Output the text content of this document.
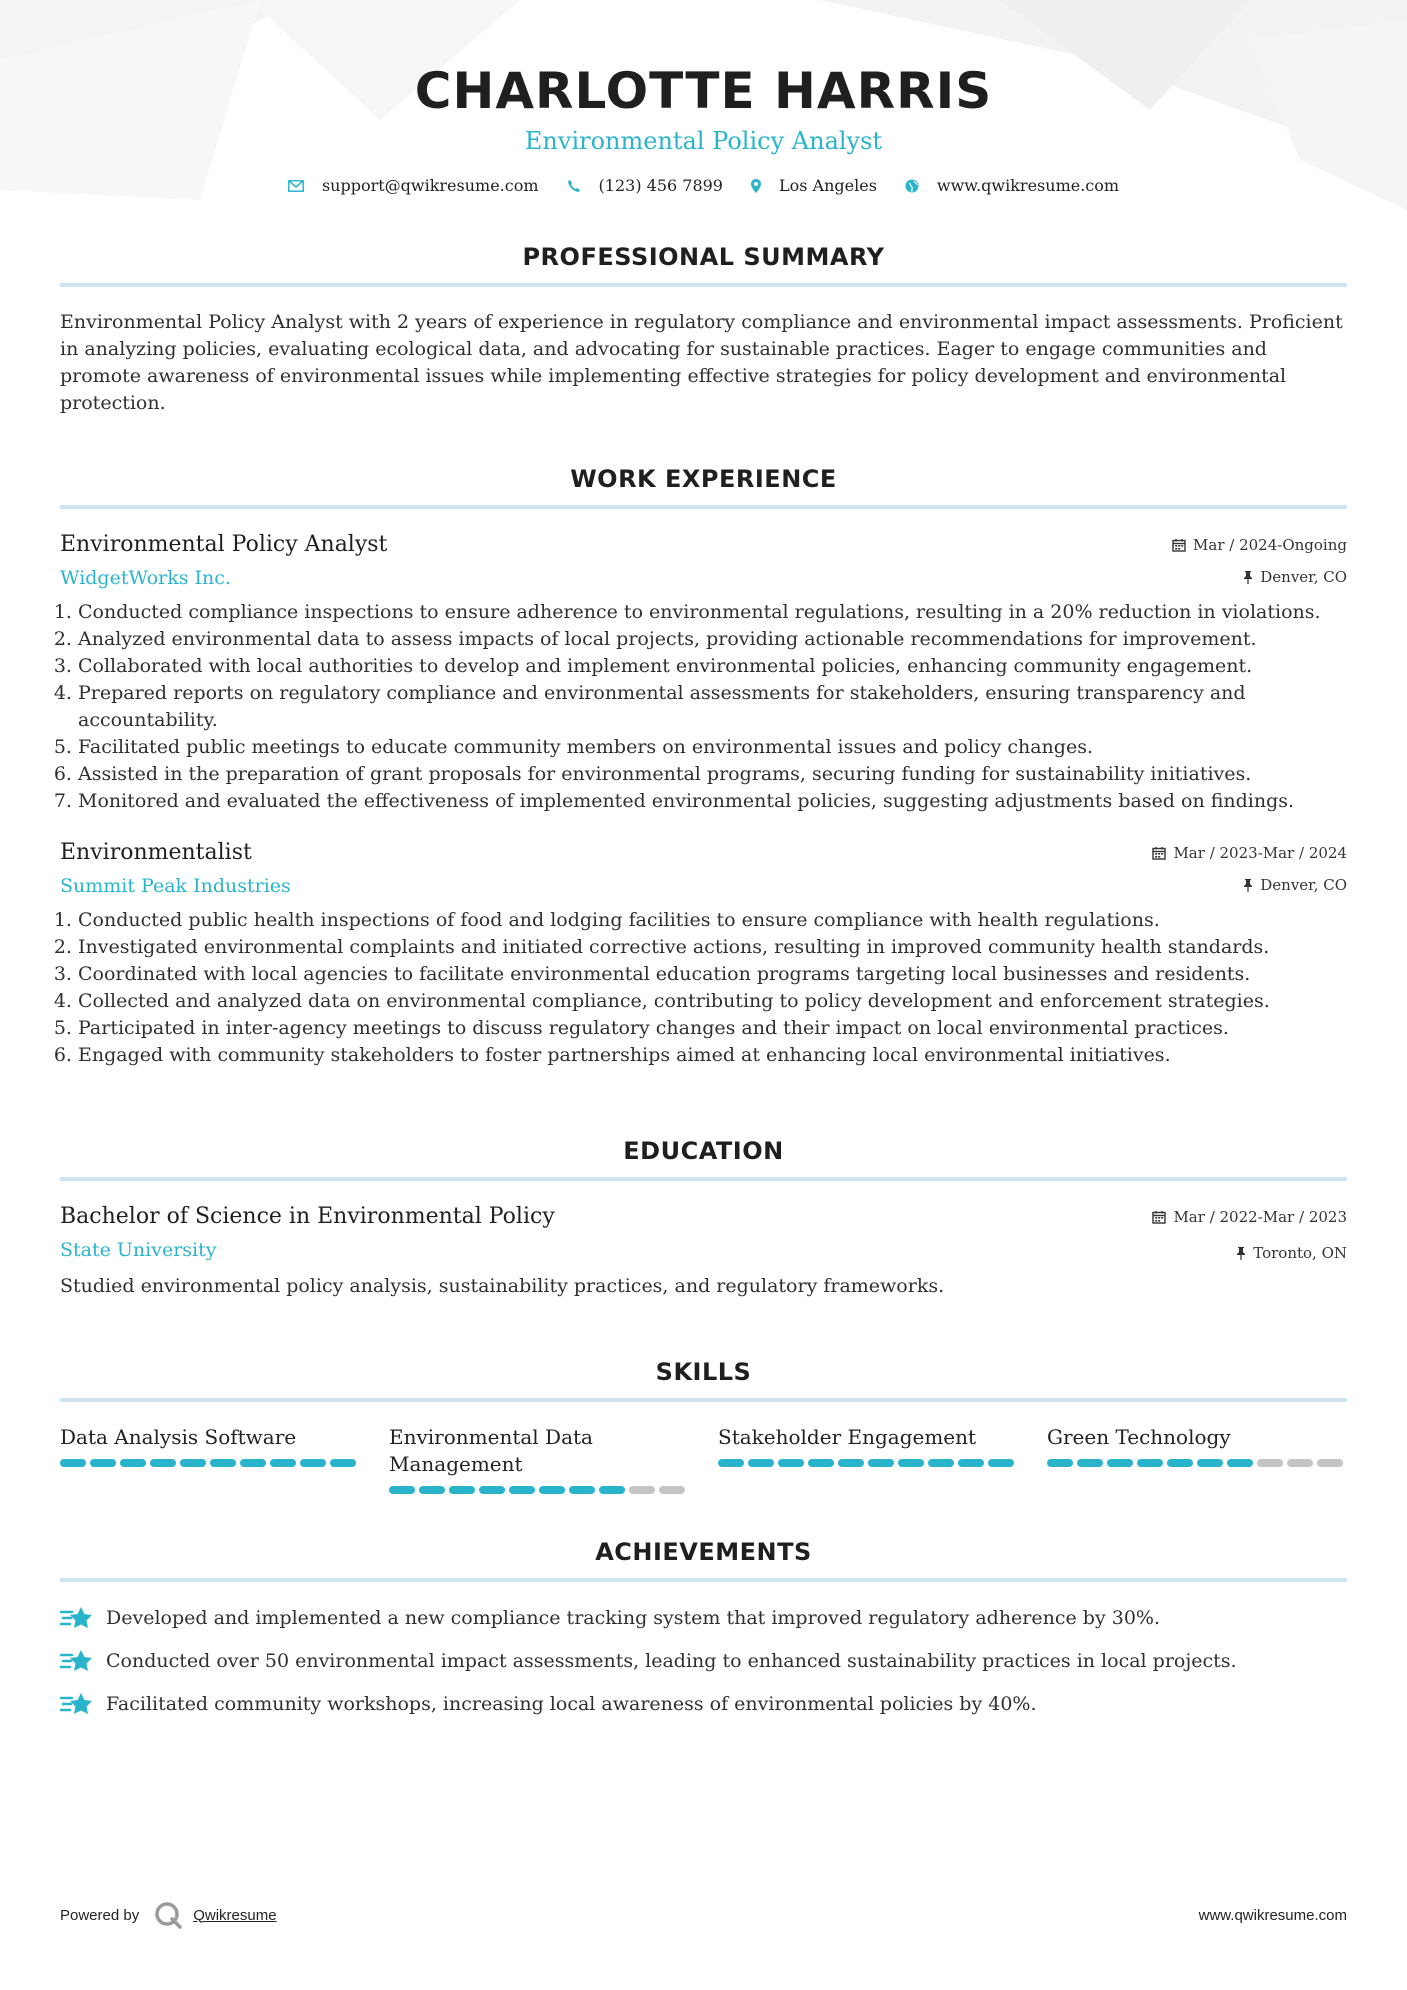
CHARLOTTE HARRIS
Environmental Policy Analyst
support@qwikresume.com	(123) 456 7899	Los Angeles	www.qwikresume.com
PROFESSIONAL SUMMARY

Environmental Policy Analyst with 2 years of experience in regulatory compliance and environmental impact assessments. Proficient in analyzing policies, evaluating ecological data, and advocating for sustainable practices. Eager to engage communities and promote awareness of environmental issues while implementing effective strategies for policy development and environmental protection.

WORK EXPERIENCE
Environmental Policy Analyst
WidgetWorks Inc.
Mar / 2024-Ongoing
Denver, CO
1. Conducted compliance inspections to ensure adherence to environmental regulations, resulting in a 20% reduction in violations.
2. Analyzed environmental data to assess impacts of local projects, providing actionable recommendations for improvement.
3. Collaborated with local authorities to develop and implement environmental policies, enhancing community engagement.
4. Prepared reports on regulatory compliance and environmental assessments for stakeholders, ensuring transparency and accountability.
5. Facilitated public meetings to educate community members on environmental issues and policy changes.
6. Assisted in the preparation of grant proposals for environmental programs, securing funding for sustainability initiatives.
7. Monitored and evaluated the effectiveness of implemented environmental policies, suggesting adjustments based on findings.
Environmentalist
Summit Peak Industries
Mar / 2023-Mar / 2024
Denver, CO
1. Conducted public health inspections of food and lodging facilities to ensure compliance with health regulations.
2. Investigated environmental complaints and initiated corrective actions, resulting in improved community health standards.
3. Coordinated with local agencies to facilitate environmental education programs targeting local businesses and residents.
4. Collected and analyzed data on environmental compliance, contributing to policy development and enforcement strategies.
5. Participated in inter-agency meetings to discuss regulatory changes and their impact on local environmental practices.
6. Engaged with community stakeholders to foster partnerships aimed at enhancing local environmental initiatives.
EDUCATION
Bachelor of Science in Environmental Policy
State University
Mar / 2022-Mar / 2023
Toronto, ON

Studied environmental policy analysis, sustainability practices, and regulatory frameworks.

SKILLS
Data Analysis Software	Environmental Data Management
Stakeholder Engagement	Green Technology
ACHIEVEMENTS
Developed and implemented a new compliance tracking system that improved regulatory adherence by 30%.
Conducted over 50 environmental impact assessments, leading to enhanced sustainability practices in local projects.
Facilitated community workshops, increasing local awareness of environmental policies by 40%.
Powered by	Qwikresume	www.qwikresume.com
